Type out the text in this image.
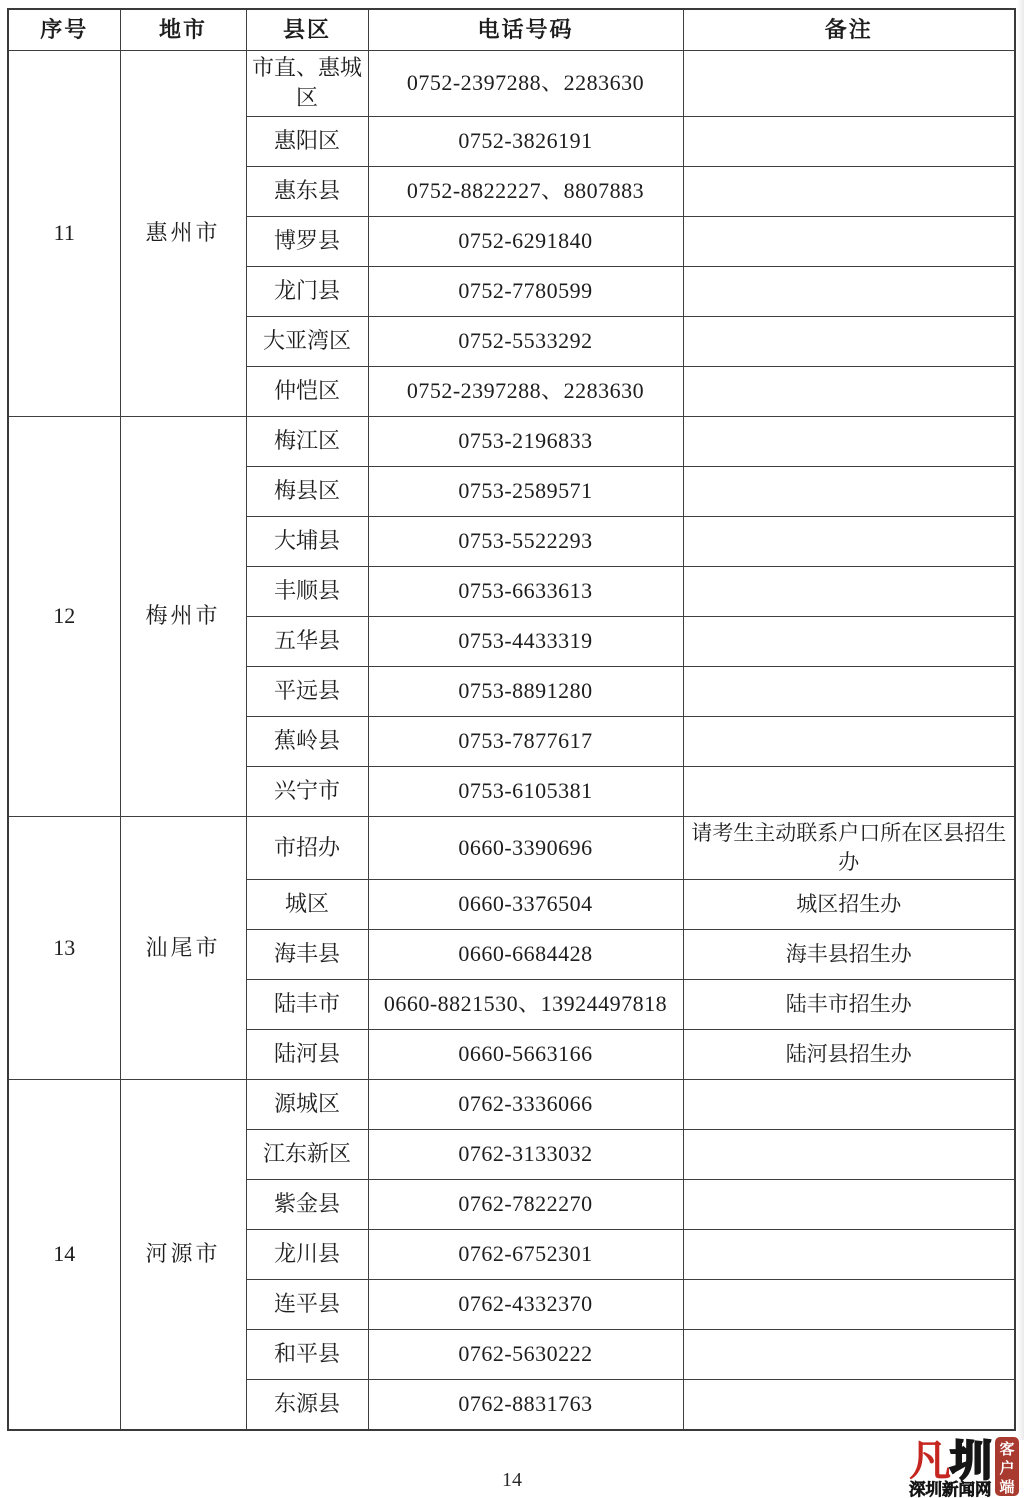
序号	地市	县区	电话号码	备注
11	惠州市	市直、惠城区	0752-2397288、2283630	
		惠阳区	0752-3826191	
		惠东县	0752-8822227、8807883	
		博罗县	0752-6291840	
		龙门县	0752-7780599	
		大亚湾区	0752-5533292	
		仲恺区	0752-2397288、2283630	
12	梅州市	梅江区	0753-2196833	
		梅县区	0753-2589571	
		大埔县	0753-5522293	
		丰顺县	0753-6633613	
		五华县	0753-4433319	
		平远县	0753-8891280	
		蕉岭县	0753-7877617	
		兴宁市	0753-6105381	
13	汕尾市	市招办	0660-3390696	请考生主动联系户口所在区县招生办
		城区	0660-3376504	城区招生办
		海丰县	0660-6684428	海丰县招生办
		陆丰市	0660-8821530、13924497818	陆丰市招生办
		陆河县	0660-5663166	陆河县招生办
14	河源市	源城区	0762-3336066	
		江东新区	0762-3133032	
		紫金县	0762-7822270	
		龙川县	0762-6752301	
		连平县	0762-4332370	
		和平县	0762-5630222	
		东源县	0762-8831763	
14	凡
圳
深圳新闻网
客
户
端
